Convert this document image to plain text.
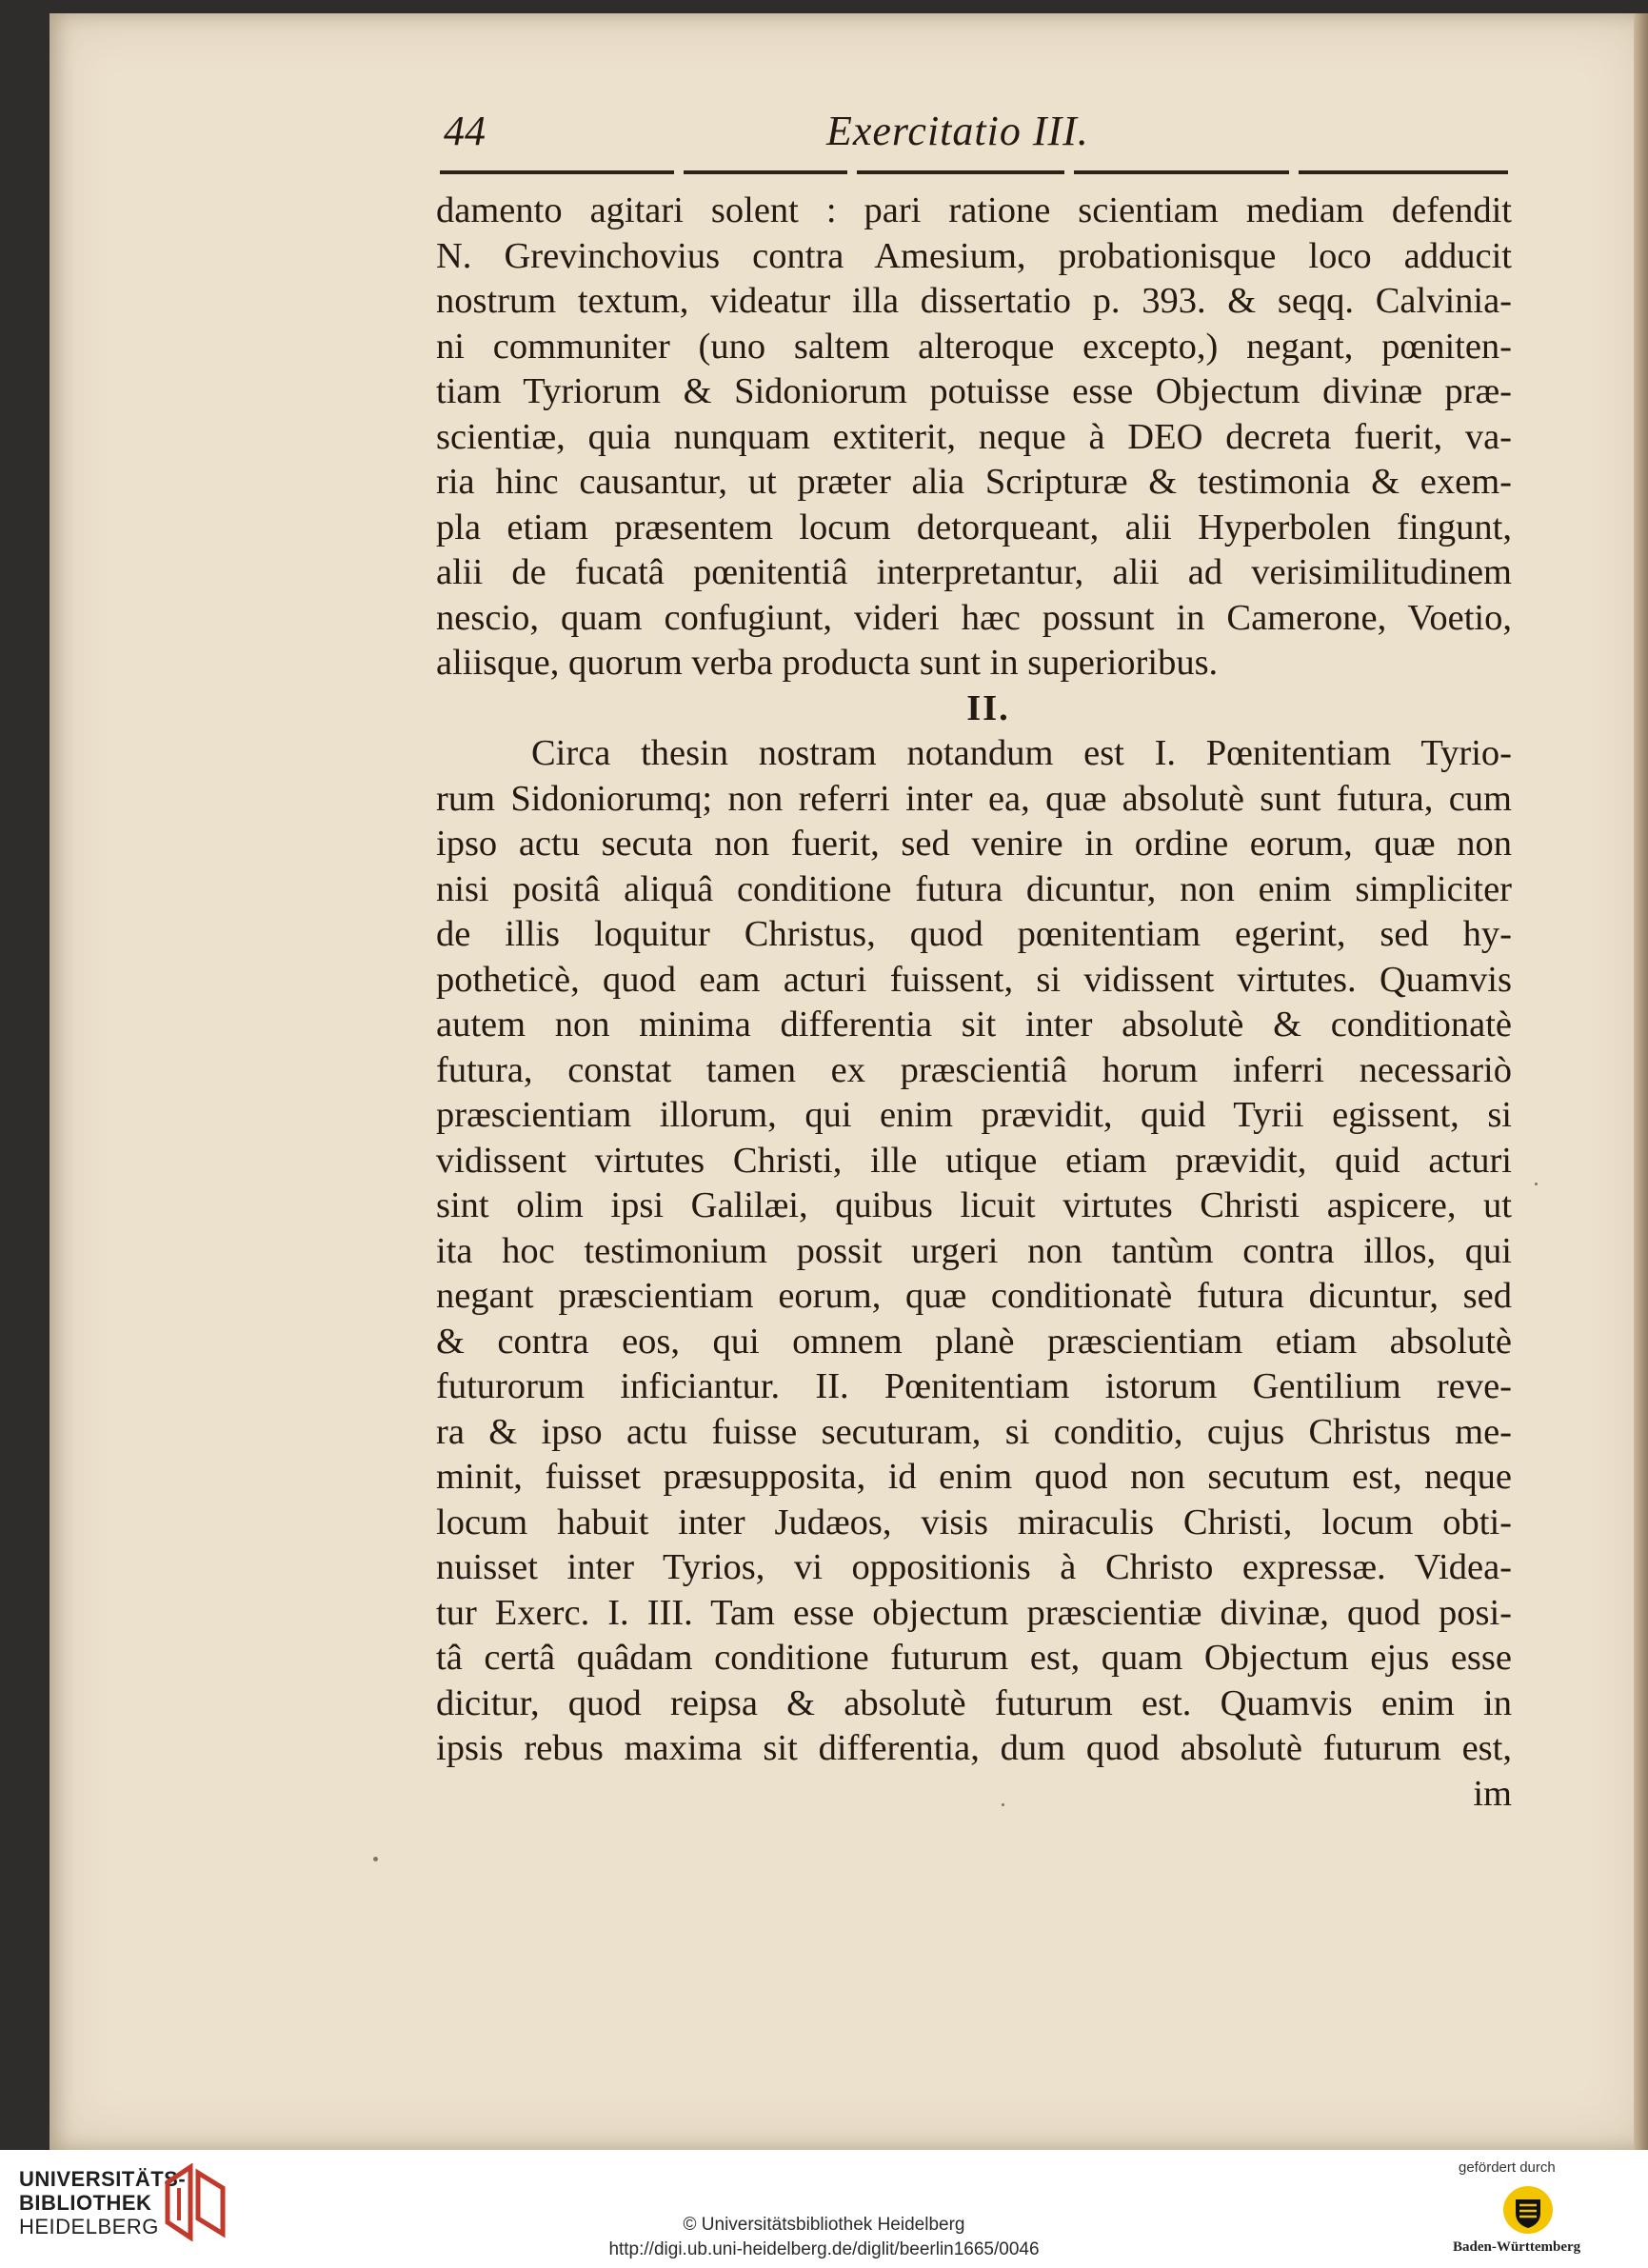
44	Exercitatio III.
damento agitari solent : pari ratione scientiam mediam defendit
N. Grevinchovius contra Amesium, probationisque loco adducit
nostrum textum, videatur illa dissertatio p. 393. & seqq. Calvinia-
ni communiter (uno saltem alteroque excepto,) negant, pœniten-
tiam Tyriorum & Sidoniorum potuisse esse Objectum divinæ præ-
scientiæ, quia nunquam extiterit, neque à DEO decreta fuerit, va-
ria hinc causantur, ut præter alia Scripturæ & testimonia & exem-
pla etiam præsentem locum detorqueant, alii Hyperbolen fingunt,
alii de fucatâ pœnitentiâ interpretantur, alii ad verisimilitudinem
nescio, quam confugiunt, videri hæc possunt in Camerone, Voetio,
aliisque, quorum verba producta sunt in superioribus.
II.
Circa thesin nostram notandum est I. Pœnitentiam Tyrio-
rum Sidoniorumq; non referri inter ea, quæ absolutè sunt futura, cum
ipso actu secuta non fuerit, sed venire in ordine eorum, quæ non
nisi positâ aliquâ conditione futura dicuntur, non enim simpliciter
de illis loquitur Christus, quod pœnitentiam egerint, sed hy-
potheticè, quod eam acturi fuissent, si vidissent virtutes. Quamvis
autem non minima differentia sit inter absolutè & conditionatè
futura, constat tamen ex præscientiâ horum inferri necessariò
præscientiam illorum, qui enim prævidit, quid Tyrii egissent, si
vidissent virtutes Christi, ille utique etiam prævidit, quid acturi
sint olim ipsi Galilæi, quibus licuit virtutes Christi aspicere, ut
ita hoc testimonium possit urgeri non tantùm contra illos, qui
negant præscientiam eorum, quæ conditionatè futura dicuntur, sed
& contra eos, qui omnem planè præscientiam etiam absolutè
futurorum inficiantur. II. Pœnitentiam istorum Gentilium reve-
ra & ipso actu fuisse secuturam, si conditio, cujus Christus me-
minit, fuisset præsupposita, id enim quod non secutum est, neque
locum habuit inter Judæos, visis miraculis Christi, locum obti-
nuisset inter Tyrios, vi oppositionis à Christo expressæ. Videa-
tur Exerc. I. III. Tam esse objectum præscientiæ divinæ, quod posi-
tâ certâ quâdam conditione futurum est, quam Objectum ejus esse
dicitur, quod reipsa & absolutè futurum est. Quamvis enim in
ipsis rebus maxima sit differentia, dum quod absolutè futurum est,
im
UNIVERSITÄTS-
BIBLIOTHEK
HEIDELBERG	© Universitätsbibliothek Heidelberg
http://digi.ub.uni-heidelberg.de/diglit/beerlin1665/0046
gefördert durch
Baden-Württemberg
